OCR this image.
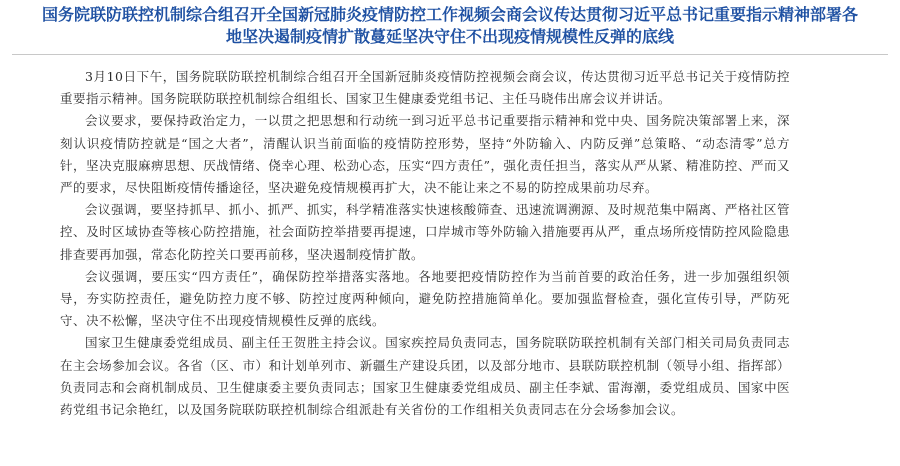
国务院联防联控机制综合组召开全国新冠肺炎疫情防控工作视频会商会议传达贯彻习近平总书记重要指示精神部署各
地坚决遏制疫情扩散蔓延坚决守住不出现疫情规模性反弹的底线

3月10日下午，国务院联防联控机制综合组召开全国新冠肺炎疫情防控视频会商会议，传达贯彻习近平总书记关于疫情防控重要指示精神。国务院联防联控机制综合组组长、国家卫生健康委党组书记、主任马晓伟出席会议并讲话。

会议要求，要保持政治定力，一以贯之把思想和行动统一到习近平总书记重要指示精神和党中央、国务院决策部署上来，深刻认识疫情防控就是“国之大者”，清醒认识当前面临的疫情防控形势，坚持“外防输入、内防反弹”总策略、“动态清零”总方针，坚决克服麻痹思想、厌战情绪、侥幸心理、松劲心态，压实“四方责任”，强化责任担当，落实从严从紧、精准防控、严而又严的要求，尽快阻断疫情传播途径，坚决避免疫情规模再扩大，决不能让来之不易的防控成果前功尽弃。

会议强调，要坚持抓早、抓小、抓严、抓实，科学精准落实快速核酸筛查、迅速流调溯源、及时规范集中隔离、严格社区管控、及时区域协查等核心防控措施，社会面防控举措要再提速，口岸城市等外防输入措施要再从严，重点场所疫情防控风险隐患排查要再加强，常态化防控关口要再前移，坚决遏制疫情扩散。

会议强调，要压实“四方责任”，确保防控举措落实落地。各地要把疫情防控作为当前首要的政治任务，进一步加强组织领导，夯实防控责任，避免防控力度不够、防控过度两种倾向，避免防控措施简单化。要加强监督检查，强化宣传引导，严防死守、决不松懈，坚决守住不出现疫情规模性反弹的底线。

国家卫生健康委党组成员、副主任王贺胜主持会议。国家疾控局负责同志，国务院联防联控机制有关部门相关司局负责同志在主会场参加会议。各省（区、市）和计划单列市、新疆生产建设兵团，以及部分地市、县联防联控机制（领导小组、指挥部）负责同志和会商机制成员、卫生健康委主要负责同志；国家卫生健康委党组成员、副主任李斌、雷海潮，委党组成员、国家中医药党组书记余艳红，以及国务院联防联控机制综合组派赴有关省份的工作组相关负责同志在分会场参加会议。
